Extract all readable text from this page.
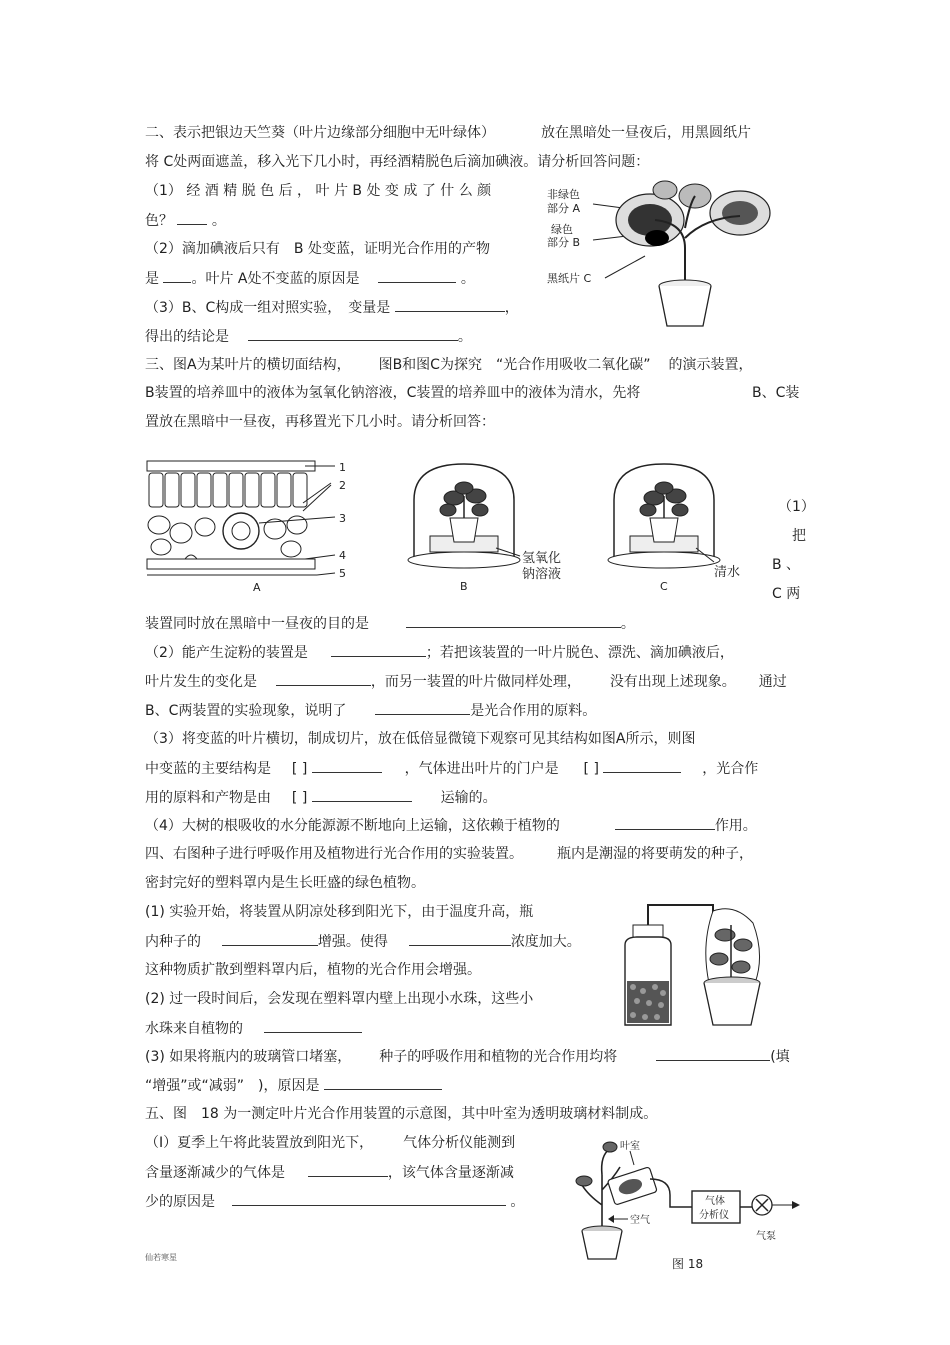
二、表示把银边天竺葵（叶片边缘部分细胞中无叶绿体）	放在黑暗处一昼夜后，用黑圆纸片
将 C处两面遮盖，移入光下几小时，再经酒精脱色后滴加碘液。请分析回答问题：
（1） 经 酒 精 脱 色 后 ， 叶 片 B 处 变 成 了 什 么 颜
色？	。
（2）滴加碘液后只有　B 处变蓝，证明光合作用的产物
是 。叶片 A处不变蓝的原因是	。
（3）B、C构成一组对照实验，　变量是	，
得出的结论是	。
非绿色
部分 A
绿色
部分 B
黑纸片 C
三、图A为某叶片的横切面结构， 图B和图C为探究 “光合作用吸收二氧化碳” 的演示装置，
B装置的培养皿中的液体为氢氧化钠溶液，C装置的培养皿中的液体为清水，先将	B、C装
置放在黑暗中一昼夜，再移置光下几小时。请分析回答：
1
2
3
4
5
A
氢氧化
钠溶液
B
清水
C
（1）
把
B 、
C 两
装置同时放在黑暗中一昼夜的目的是	。
（2）能产生淀粉的装置是	；若把该装置的一叶片脱色、漂洗、滴加碘液后，
叶片发生的变化是	，而另一装置的叶片做同样处理， 没有出现上述现象。 通过
B、C两装置的实验现象，说明了	是光合作用的原料。
（3）将变蓝的叶片横切，制成切片，放在低倍显微镜下观察可见其结构如图A所示，则图
中变蓝的主要结构是 [ ]	，气体进出叶片的门户是 [ ]	，光合作
用的原料和产物是由 [ ]	运输的。
（4）大树的根吸收的水分能源源不断地向上运输，这依赖于植物的	作用。
四、右图种子进行呼吸作用及植物进行光合作用的实验装置。 瓶内是潮湿的将要萌发的种子，
密封完好的塑料罩内是生长旺盛的绿色植物。
(1) 实验开始，将装置从阴凉处移到阳光下，由于温度升高，瓶
内种子的	增强。使得	浓度加大。
这种物质扩散到塑料罩内后，植物的光合作用会增强。
(2) 过一段时间后，会发现在塑料罩内壁上出现小水珠，这些小
水珠来自植物的
(3) 如果将瓶内的玻璃管口堵塞， 种子的呼吸作用和植物的光合作用均将	(填
“增强”或“减弱”　)，原因是
五、图　18 为一测定叶片光合作用装置的示意图，其中叶室为透明玻璃材料制成。
（Ⅰ）夏季上午将此装置放到阳光下， 气体分析仪能测到
含量逐渐减少的气体是	，该气体含量逐渐减
少的原因是	。
叶室
空气
气体
分析仪
气泵
图 18
仙若寒星
